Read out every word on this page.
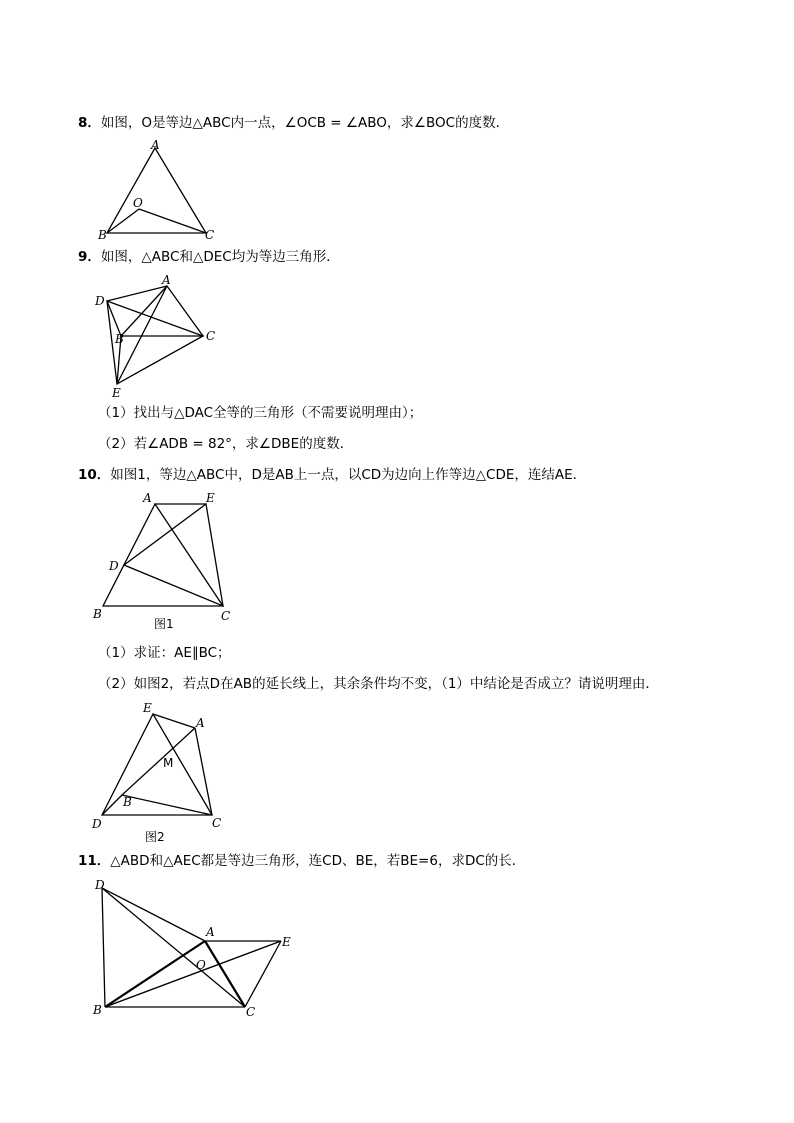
8．如图，O是等边△ABC内一点，∠OCB = ∠ABO，求∠BOC的度数．
A
B	C
O
9．如图，△ABC和△DEC均为等边三角形．
A
D
B	C
E
（1）找出与△DAC全等的三角形（不需要说明理由）；
（2）若∠ADB = 82°，求∠DBE的度数．
10．如图1，等边△ABC中，D是AB上一点，以CD为边向上作等边△CDE，连结AE．
A	E
D
B	C
图1
（1）求证：AE∥BC；
（2）如图2，若点D在AB的延长线上，其余条件均不变，（1）中结论是否成立？请说明理由．
E
A
M
B
D	C
图2
11．△ABD和△AEC都是等边三角形，连CD、BE，若BE=6，求DC的长．
D
A
E
O
B	C
